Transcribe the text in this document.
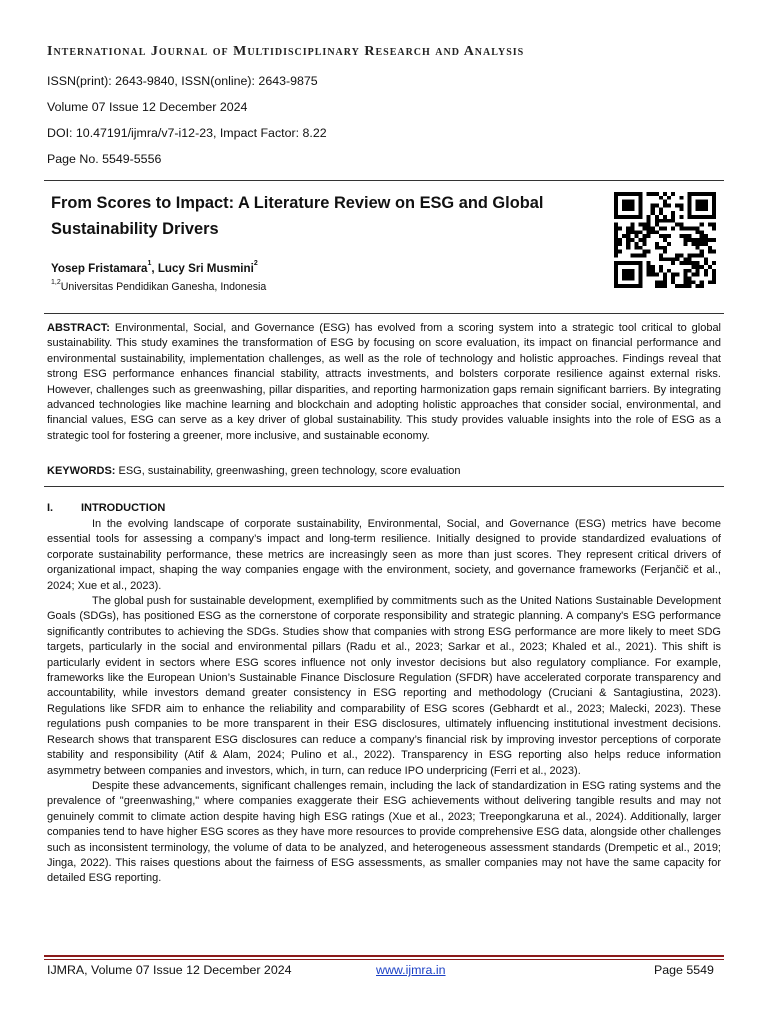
International Journal of Multidisciplinary Research and Analysis
ISSN(print): 2643-9840, ISSN(online): 2643-9875
Volume 07 Issue 12 December 2024
DOI: 10.47191/ijmra/v7-i12-23, Impact Factor: 8.22
Page No. 5549-5556
From Scores to Impact: A Literature Review on ESG and Global Sustainability Drivers
Yosep Fristamara$^1$, Lucy Sri Musmini$^2$
$^{1,2}$Universitas Pendidikan Ganesha, Indonesia

ABSTRACT: Environmental, Social, and Governance (ESG) has evolved from a scoring system into a strategic tool critical to global sustainability. This study examines the transformation of ESG by focusing on score evaluation, its impact on financial performance and environmental sustainability, implementation challenges, as well as the role of technology and holistic approaches. Findings reveal that strong ESG performance enhances financial stability, attracts investments, and bolsters corporate resilience against external risks. However, challenges such as greenwashing, pillar disparities, and reporting harmonization gaps remain significant barriers. By integrating advanced technologies like machine learning and blockchain and adopting holistic approaches that consider social, environmental, and financial values, ESG can serve as a key driver of global sustainability. This study provides valuable insights into the role of ESG as a strategic tool for fostering a greener, more inclusive, and sustainable economy.

KEYWORDS: ESG, sustainability, greenwashing, green technology, score evaluation

I.	INTRODUCTION

In the evolving landscape of corporate sustainability, Environmental, Social, and Governance (ESG) metrics have become essential tools for assessing a company’s impact and long-term resilience. Initially designed to provide standardized evaluations of corporate sustainability performance, these metrics are increasingly seen as more than just scores. They represent critical drivers of organizational impact, shaping the way companies engage with the environment, society, and governance frameworks (Ferjančič et al., 2024; Xue et al., 2023).

The global push for sustainable development, exemplified by commitments such as the United Nations Sustainable Development Goals (SDGs), has positioned ESG as the cornerstone of corporate responsibility and strategic planning. A company's ESG performance significantly contributes to achieving the SDGs. Studies show that companies with strong ESG performance are more likely to meet SDG targets, particularly in the social and environmental pillars (Radu et al., 2023; Sarkar et al., 2023; Khaled et al., 2021). This shift is particularly evident in sectors where ESG scores influence not only investor decisions but also regulatory compliance. For example, frameworks like the European Union’s Sustainable Finance Disclosure Regulation (SFDR) have accelerated corporate transparency and accountability, while investors demand greater consistency in ESG reporting and methodology (Cruciani & Santagiustina, 2023). Regulations like SFDR aim to enhance the reliability and comparability of ESG scores (Gebhardt et al., 2023; Malecki, 2023). These regulations push companies to be more transparent in their ESG disclosures, ultimately influencing institutional investment decisions. Research shows that transparent ESG disclosures can reduce a company’s financial risk by improving investor perceptions of corporate stability and responsibility (Atif & Alam, 2024; Pulino et al., 2022). Transparency in ESG reporting also helps reduce information asymmetry between companies and investors, which, in turn, can reduce IPO underpricing (Ferri et al., 2023).

Despite these advancements, significant challenges remain, including the lack of standardization in ESG rating systems and the prevalence of "greenwashing," where companies exaggerate their ESG achievements without delivering tangible results and may not genuinely commit to climate action despite having high ESG ratings (Xue et al., 2023; Treepongkaruna et al., 2024). Additionally, larger companies tend to have higher ESG scores as they have more resources to provide comprehensive ESG data, alongside other challenges such as inconsistent terminology, the volume of data to be analyzed, and heterogeneous assessment standards (Drempetic et al., 2019; Jinga, 2022). This raises questions about the fairness of ESG assessments, as smaller companies may not have the same capacity for detailed ESG reporting.

IJMRA, Volume 07 Issue 12 December 2024	www.ijmra.in	Page 5549
